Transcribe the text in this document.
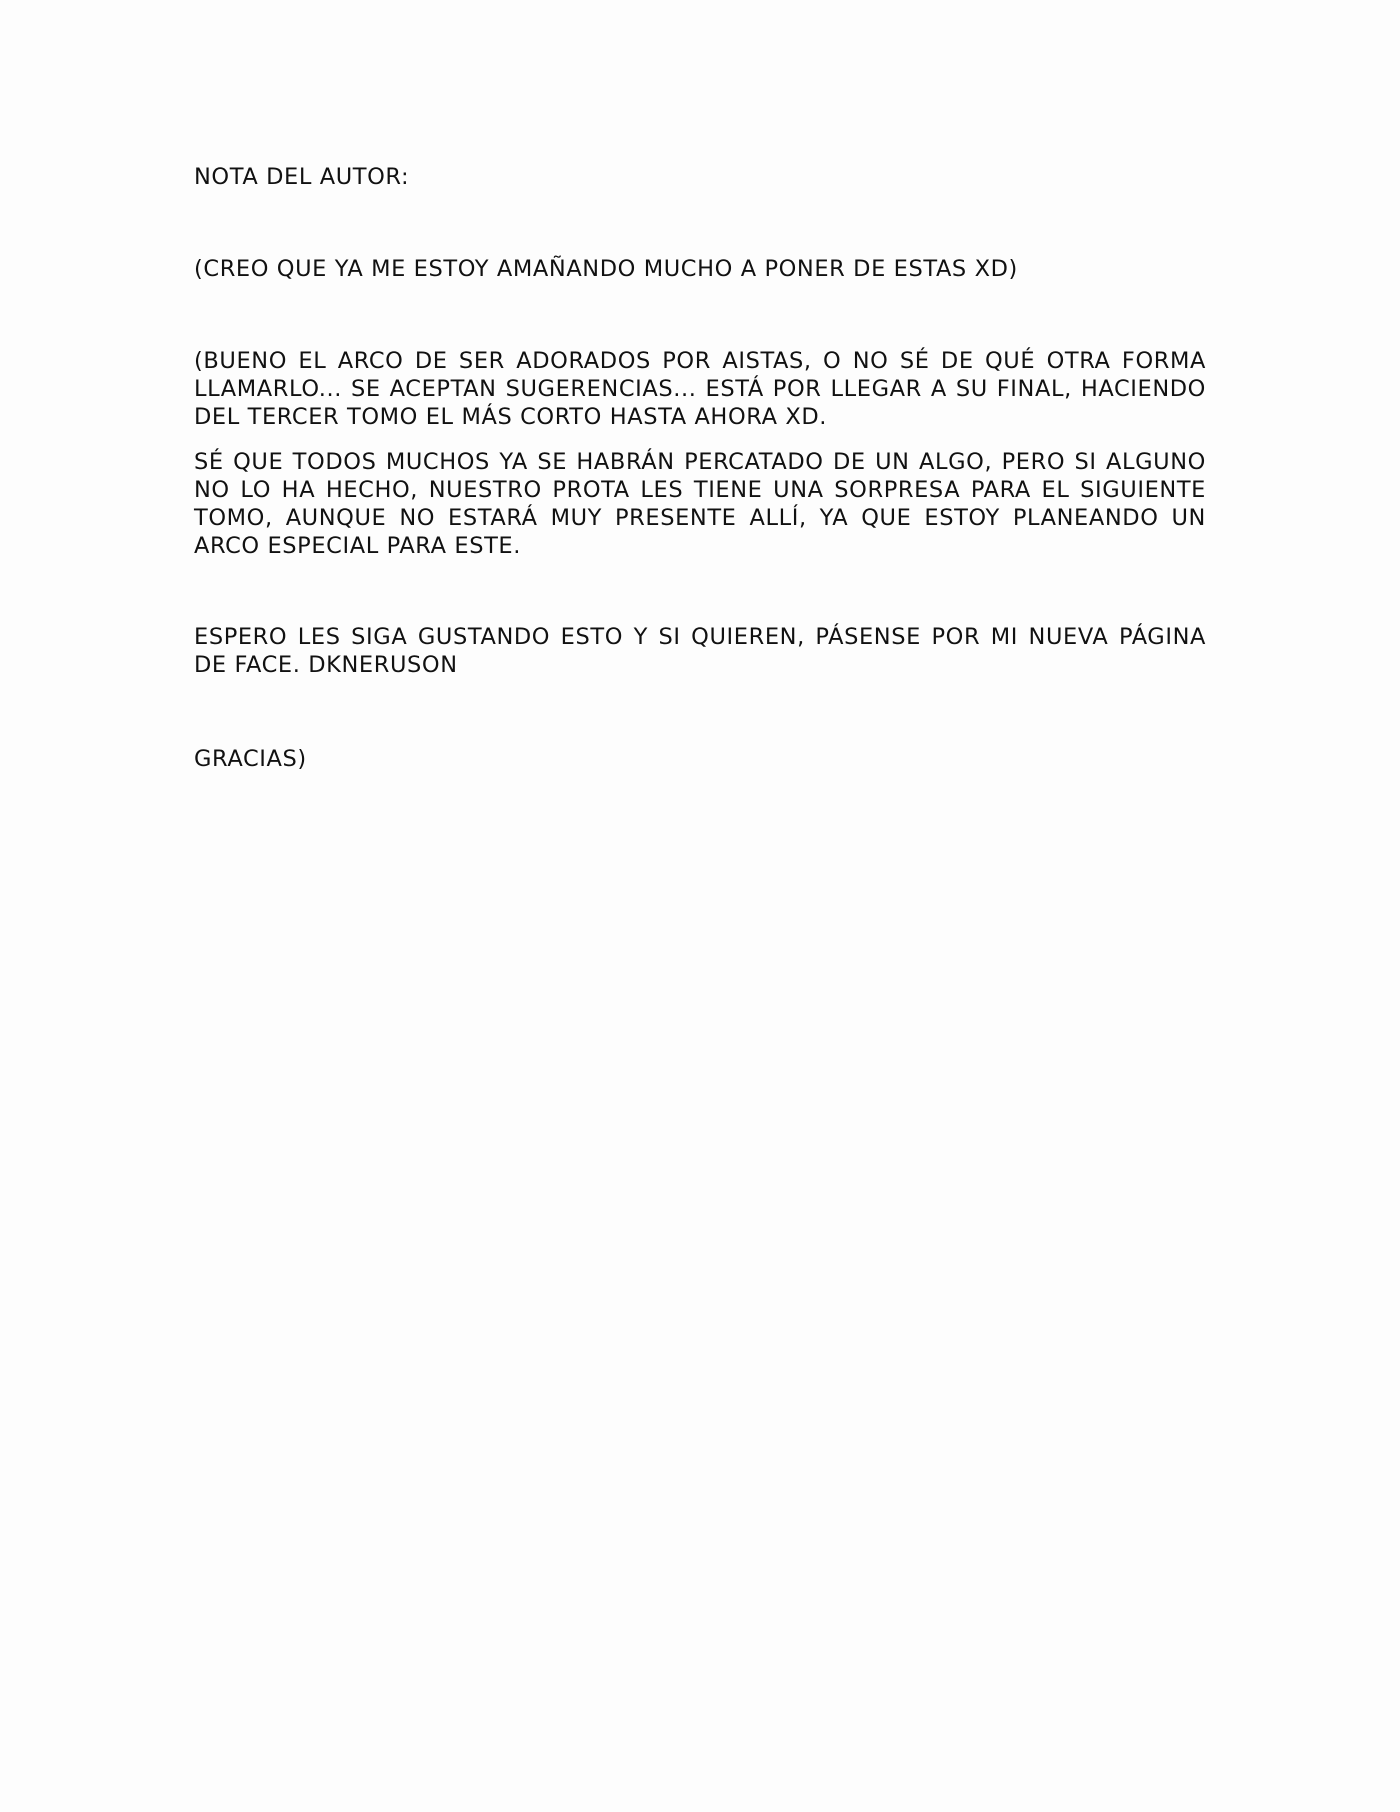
NOTA DEL AUTOR:

(CREO QUE YA ME ESTOY AMAÑANDO MUCHO A PONER DE ESTAS XD)

(BUENO EL ARCO DE SER ADORADOS POR AISTAS, O NO SÉ DE QUÉ OTRA FORMA LLAMARLO... SE ACEPTAN SUGERENCIAS... ESTÁ POR LLEGAR A SU FINAL, HACIENDO DEL TERCER TOMO EL MÁS CORTO HASTA AHORA XD.

SÉ QUE TODOS MUCHOS YA SE HABRÁN PERCATADO DE UN ALGO, PERO SI ALGUNO NO LO HA HECHO, NUESTRO PROTA LES TIENE UNA SORPRESA PARA EL SIGUIENTE TOMO, AUNQUE NO ESTARÁ MUY PRESENTE ALLÍ, YA QUE ESTOY PLANEANDO UN ARCO ESPECIAL PARA ESTE.

ESPERO LES SIGA GUSTANDO ESTO Y SI QUIEREN, PÁSENSE POR MI NUEVA PÁGINA DE FACE. DKNERUSON

GRACIAS)
